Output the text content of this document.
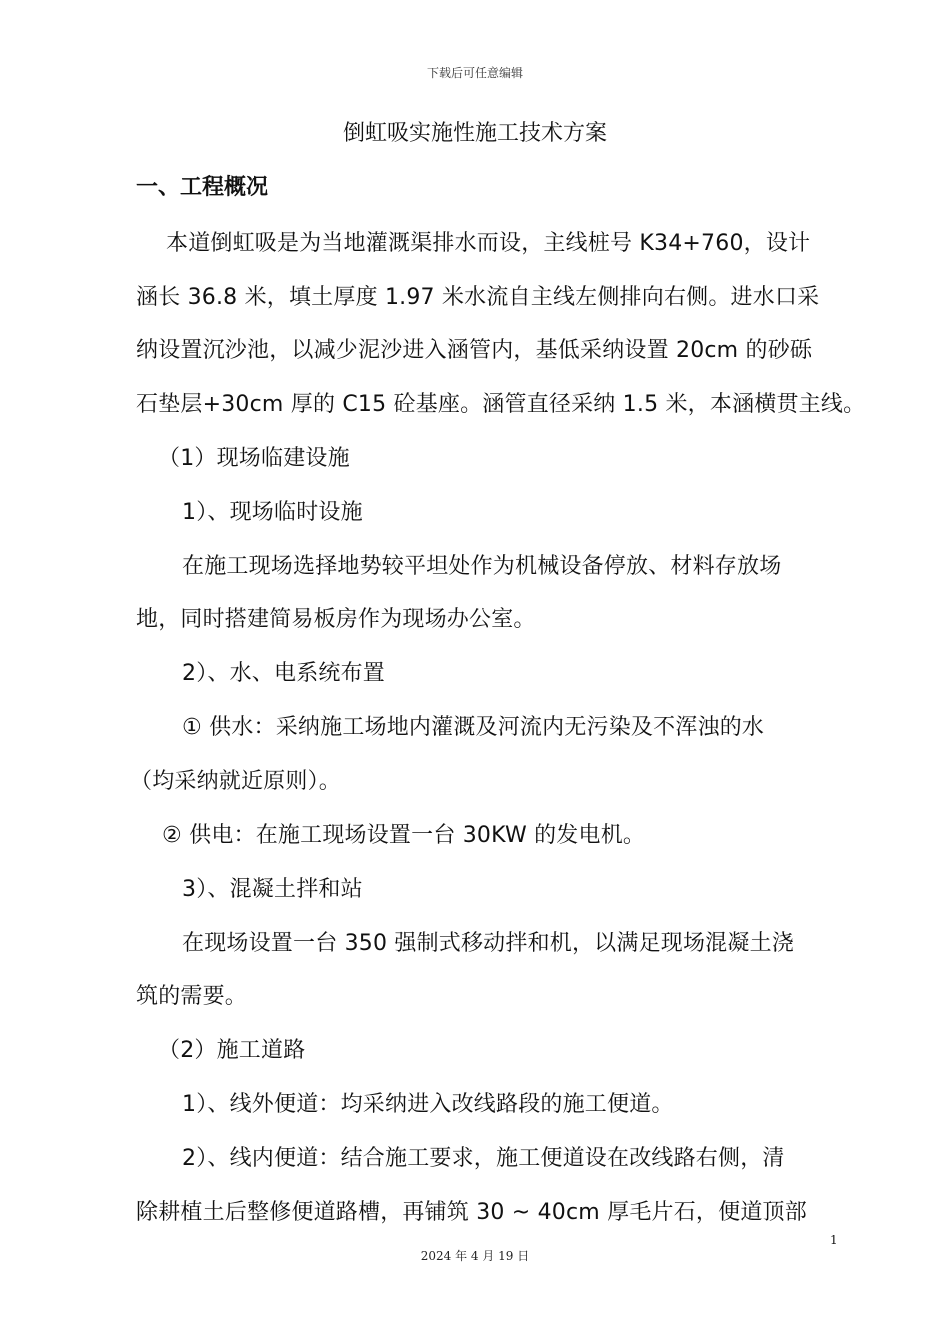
下载后可任意编辑
倒虹吸实施性施工技术方案
一、工程概况
本道倒虹吸是为当地灌溉渠排水而设，主线桩号 K34+760，设计
涵长 36.8 米，填土厚度 1.97 米水流自主线左侧排向右侧。进水口采
纳设置沉沙池，以减少泥沙进入涵管内，基低采纳设置 20cm 的砂砾
石垫层+30cm 厚的 C15 砼基座。涵管直径采纳 1.5 米，本涵横贯主线。
（1）现场临建设施
1）、现场临时设施
在施工现场选择地势较平坦处作为机械设备停放、材料存放场
地，同时搭建简易板房作为现场办公室。
2）、水、电系统布置
① 供水：采纳施工场地内灌溉及河流内无污染及不浑浊的水
（均采纳就近原则）。
② 供电：在施工现场设置一台 30KW 的发电机。
3）、混凝土拌和站
在现场设置一台 350 强制式移动拌和机，以满足现场混凝土浇
筑的需要。
（2）施工道路
1）、线外便道：均采纳进入改线路段的施工便道。
2）、线内便道：结合施工要求，施工便道设在改线路右侧，清
除耕植土后整修便道路槽，再铺筑 30 ~ 40cm 厚毛片石，便道顶部
1
2024 年 4 月 19 日
